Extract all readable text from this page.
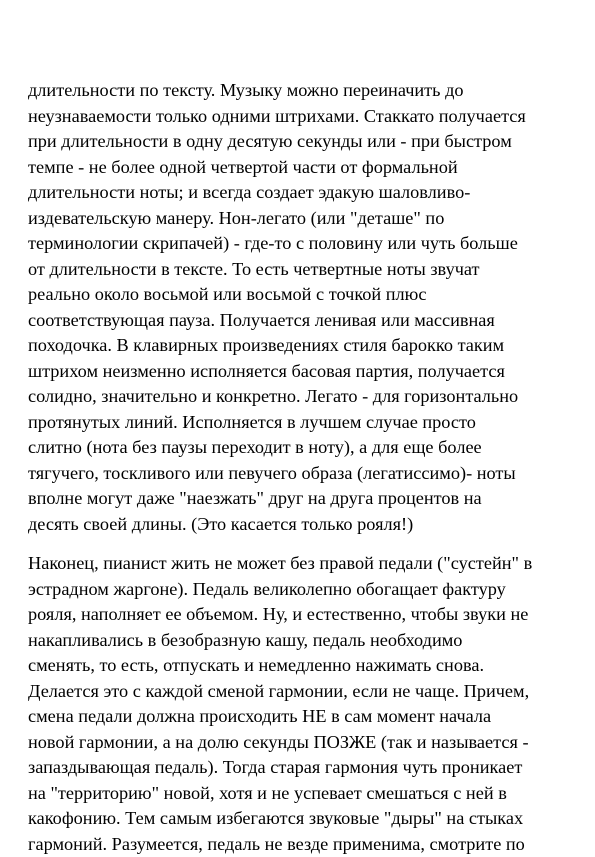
длительности по тексту. Музыку можно переиначить до
неузнаваемости только одними штрихами. Стаккато получается
при длительности в одну десятую секунды или - при быстром
темпе - не более одной четвертой части от формальной
длительности ноты; и всегда создает эдакую шаловливо-
издевательскую манеру. Нон-легато (или "деташе" по
терминологии скрипачей) - где-то с половину или чуть больше
от длительности в тексте. То есть четвертные ноты звучат
реально около восьмой или восьмой с точкой плюс
соответствующая пауза. Получается ленивая или массивная
походочка. В клавирных произведениях стиля барокко таким
штрихом неизменно исполняется басовая партия, получается
солидно, значительно и конкретно. Легато - для горизонтально
протянутых линий. Исполняется в лучшем случае просто
слитно (нота без паузы переходит в ноту), а для еще более
тягучего, тоскливого или певучего образа (легатиссимо)- ноты
вполне могут даже "наезжать" друг на друга процентов на
десять своей длины. (Это касается только рояля!)

Наконец, пианист жить не может без правой педали ("сустейн" в
эстрадном жаргоне). Педаль великолепно обогащает фактуру
рояля, наполняет ее объемом. Ну, и естественно, чтобы звуки не
накапливались в безобразную кашу, педаль необходимо
сменять, то есть, отпускать и немедленно нажимать снова.
Делается это с каждой сменой гармонии, если не чаще. Причем,
смена педали должна происходить НЕ в сам момент начала
новой гармонии, а на долю секунды ПОЗЖЕ (так и называется -
запаздывающая педаль). Тогда старая гармония чуть проникает
на "территорию" новой, хотя и не успевает смешаться с ней в
какофонию. Тем самым избегаются звуковые "дыры" на стыках
гармоний. Разумеется, педаль не везде применима, смотрите по
